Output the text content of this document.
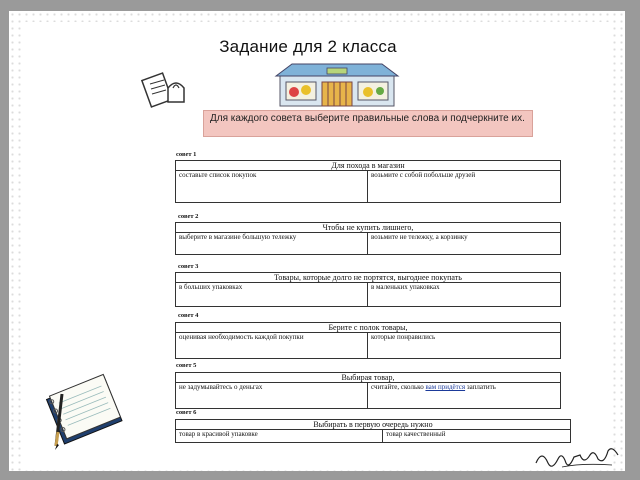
Задание для 2 класса
Для каждого совета выберите правильные слова и подчеркните их.
совет 1
Для похода в магазин
составьте список покупок	возьмите с собой побольше друзей
совет 2
Чтобы не купить лишнего,
выберите в магазине большую тележку	возьмите не тележку, а корзинку
совет 3
Товары, которые долго не портятся, выгоднее покупать
в больших упаковках	в маленьких упаковках
совет 4
Берите с полок товары,
оценивая необходимость каждой покупки	которые понравились
совет 5
Выбирая товар,
не задумывайтесь о деньгах	считайте, сколько вам придётся заплатить
совет 6
Выбирать в первую очередь нужно
товар в красивой упаковке	товар качественный
